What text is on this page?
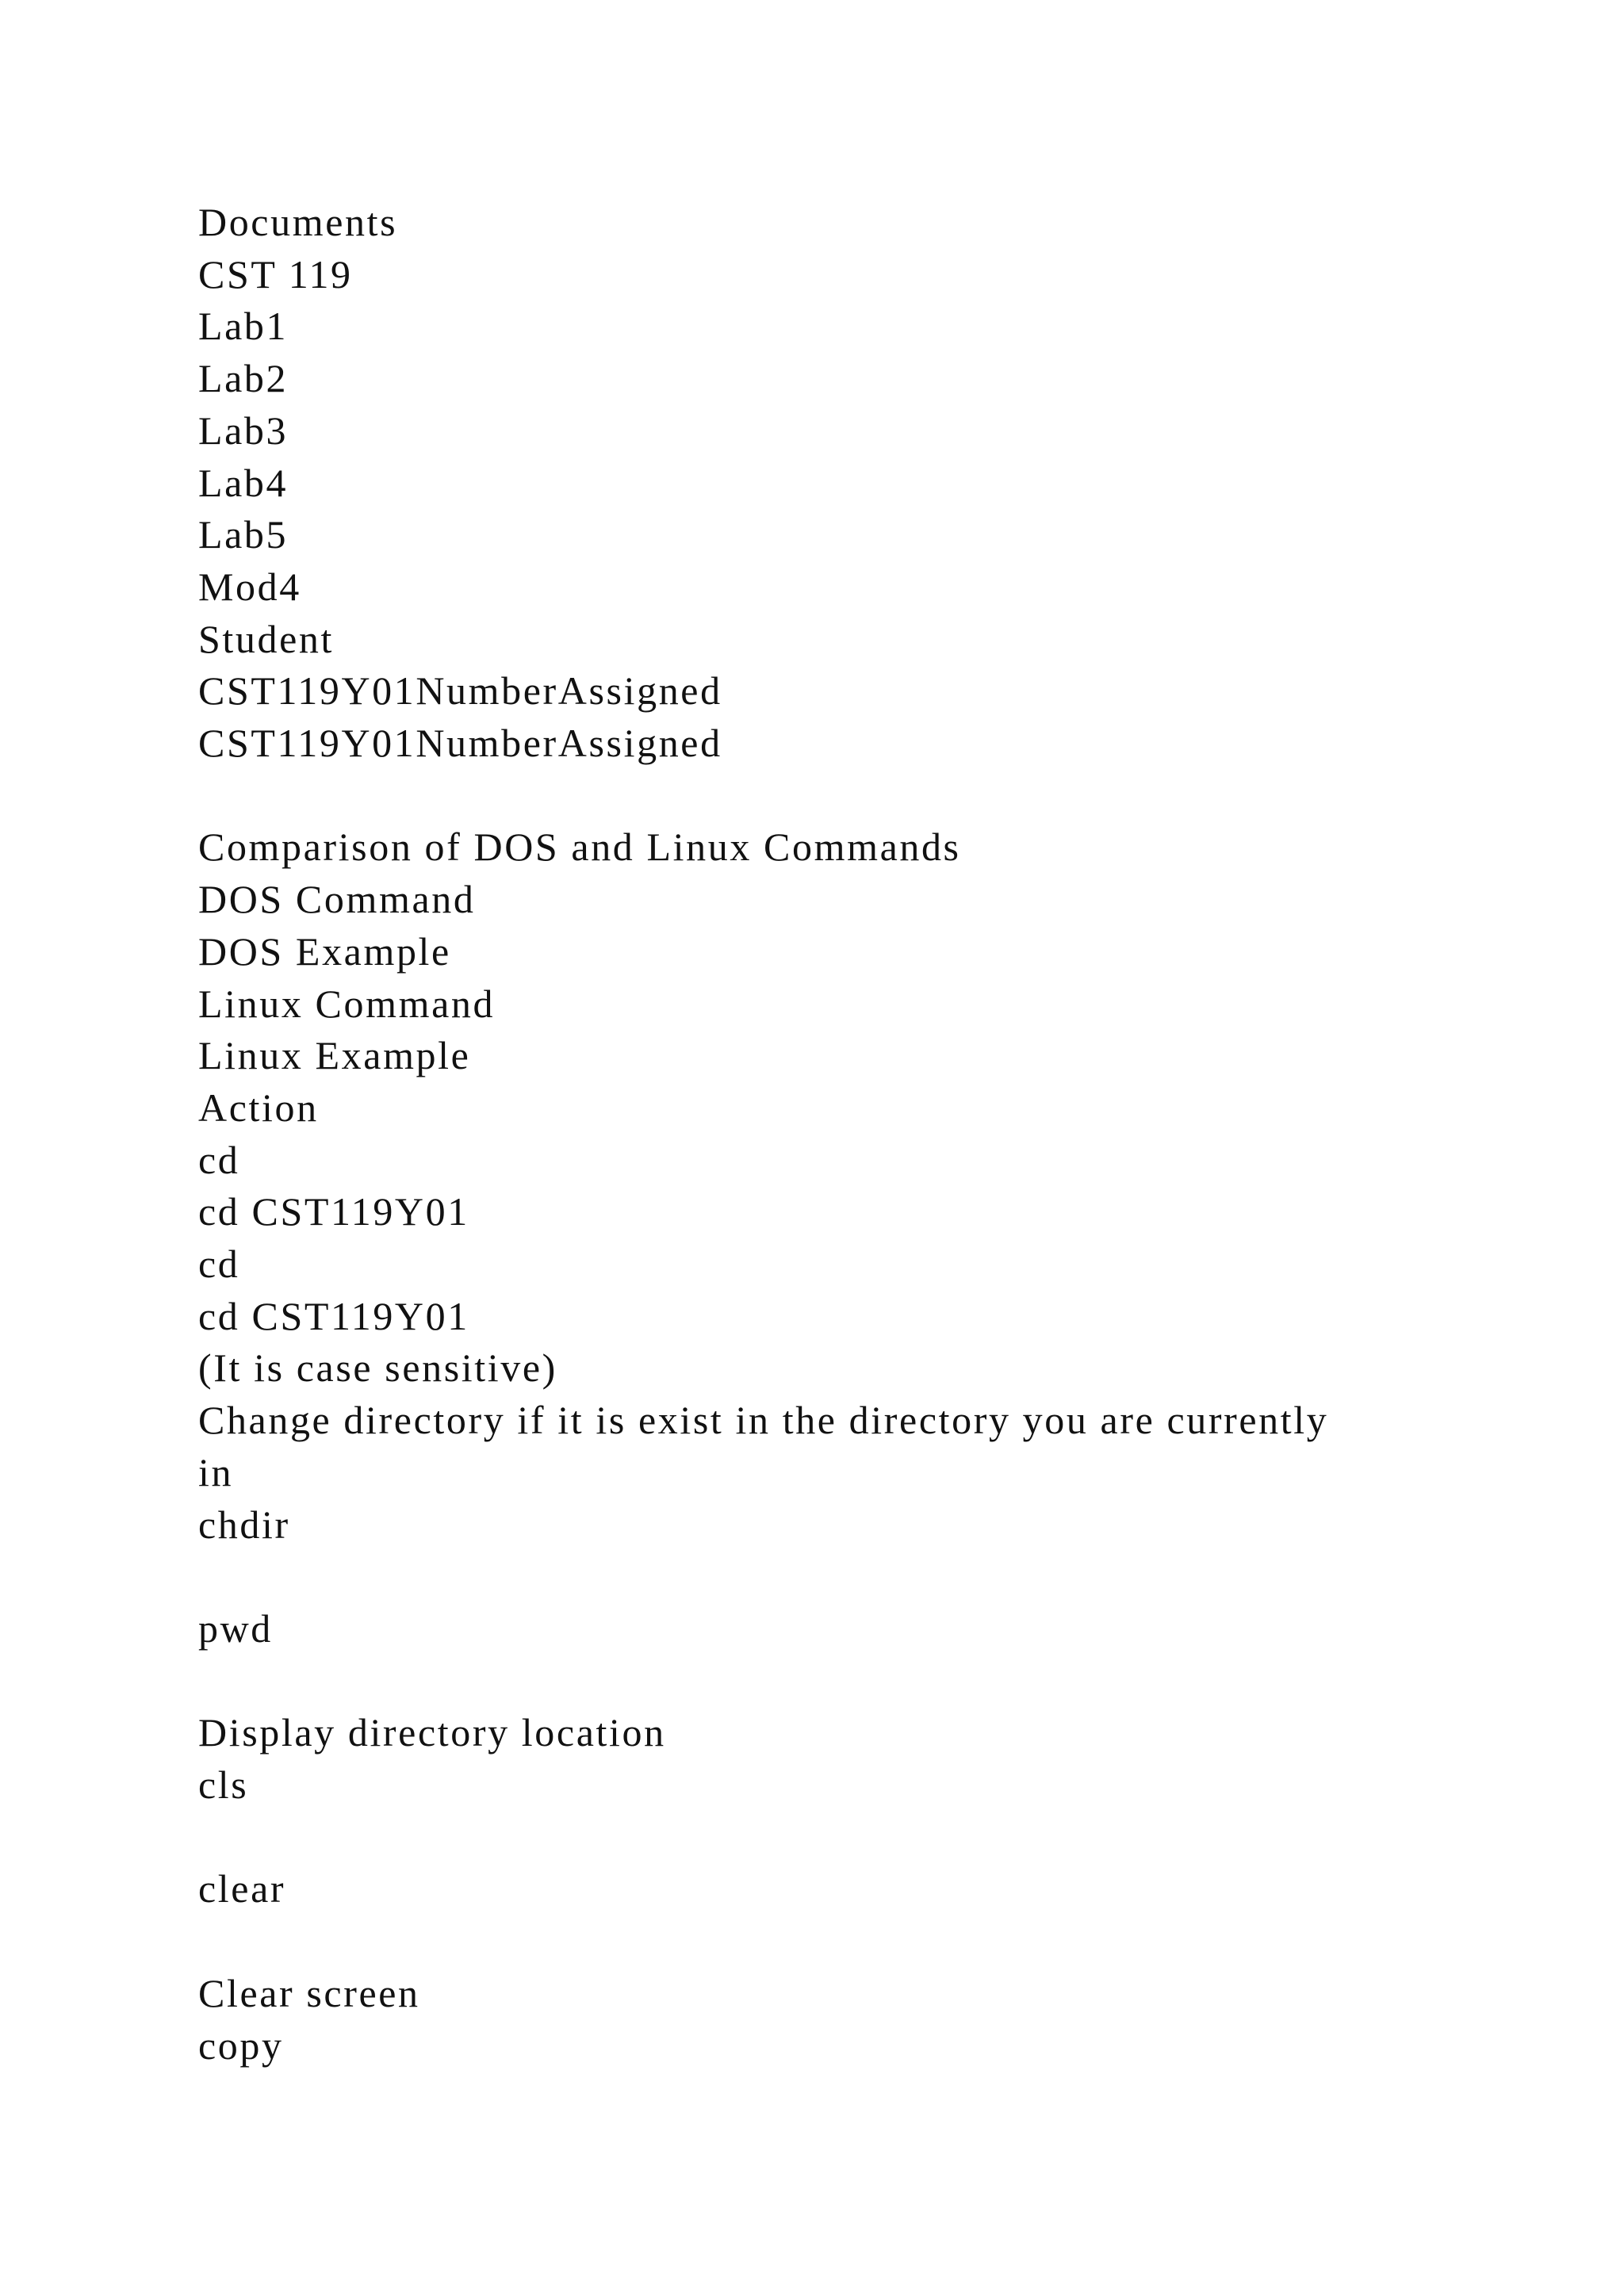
Documents
CST 119
Lab1
Lab2
Lab3
Lab4
Lab5
Mod4
Student
CST119Y01NumberAssigned
CST119Y01NumberAssigned
Comparison of DOS and Linux Commands
DOS Command
DOS Example
Linux Command
Linux Example
Action
cd
cd CST119Y01
cd
cd CST119Y01
(It is case sensitive)
Change directory if it is exist in the directory you are currently
in
chdir
pwd
Display directory location
cls
clear
Clear screen
copy
